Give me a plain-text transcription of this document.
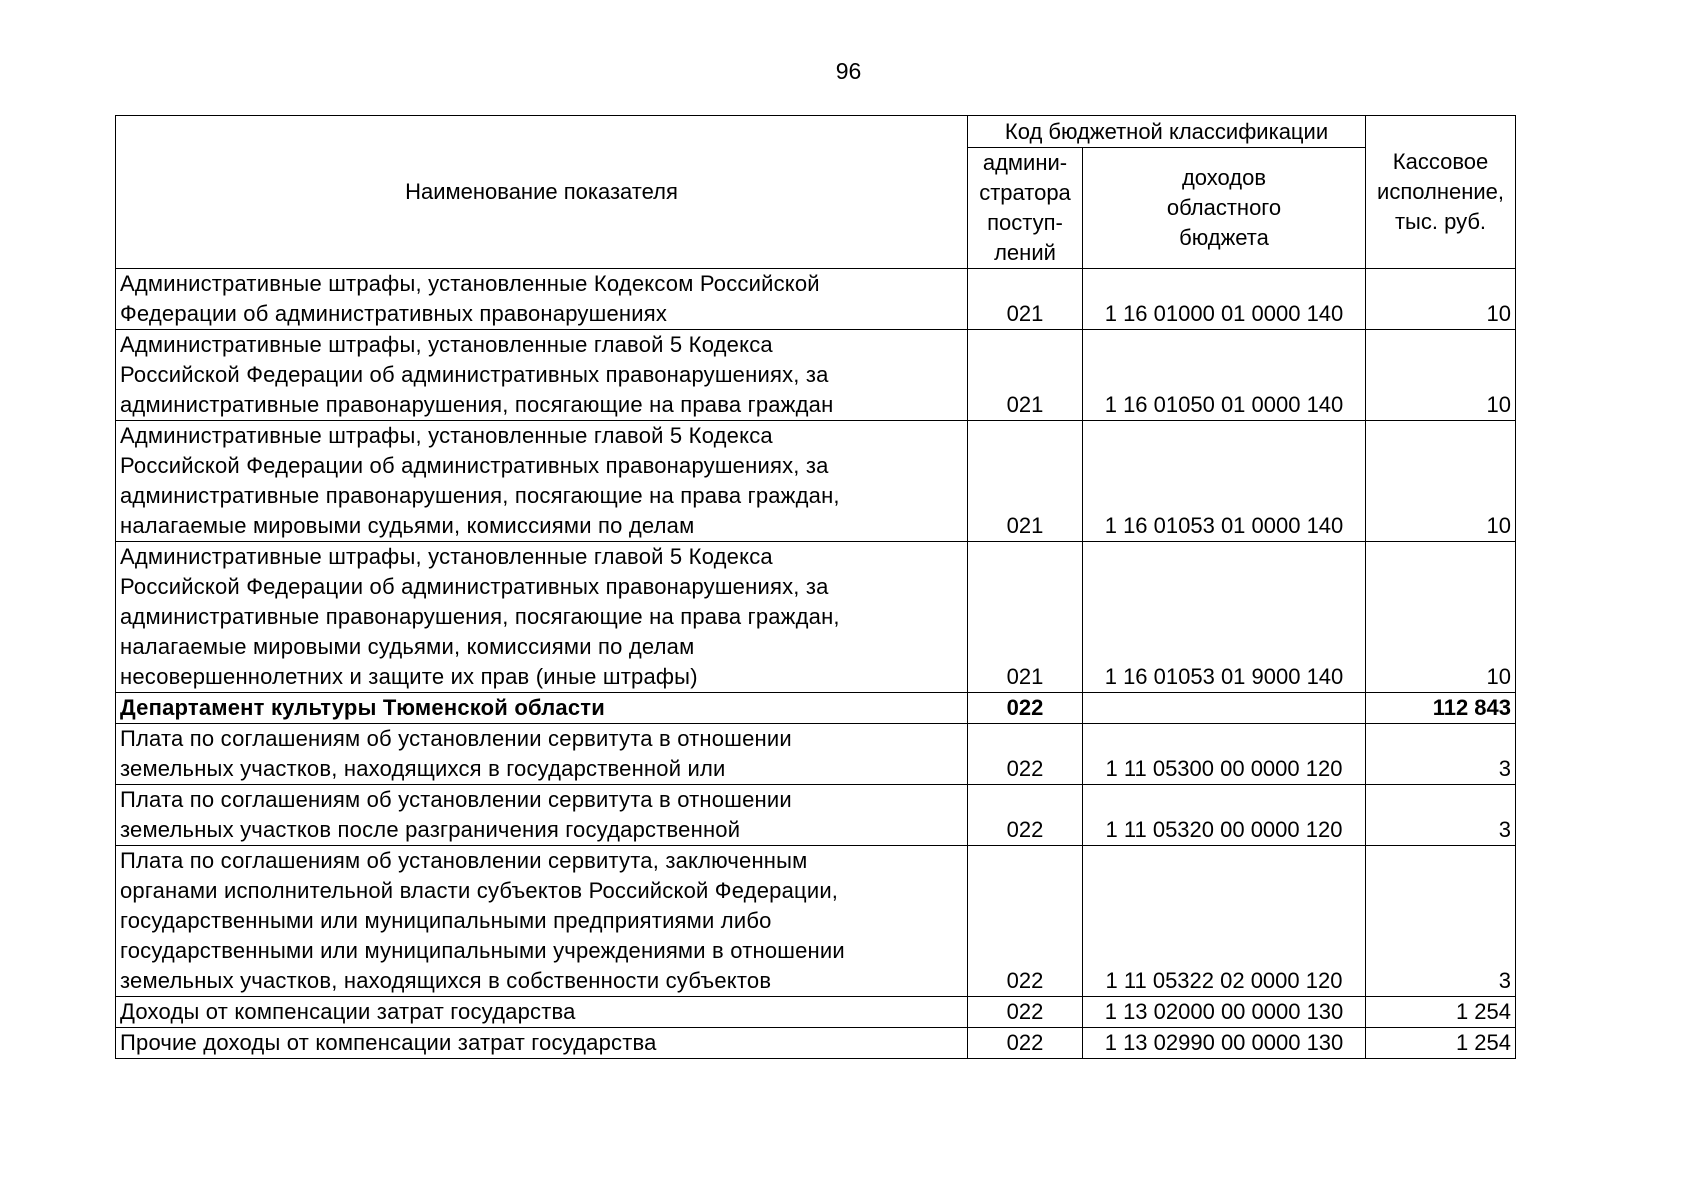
96
Наименование показателя	Код бюджетной классификации		Кассовое
исполнение,
тыс. руб.

	админи-
стратора
поступ-
лений	доходов
областного
бюджета	

Административные штрафы, установленные Кодексом Российской
Федерации об административных правонарушениях	021	1 16 01000 01 0000 140	10

Административные штрафы, установленные главой 5 Кодекса
Российской Федерации об административных правонарушениях, за
административные правонарушения, посягающие на права граждан	021	1 16 01050 01 0000 140	10

Административные штрафы, установленные главой 5 Кодекса
Российской Федерации об административных правонарушениях, за
административные правонарушения, посягающие на права граждан,
налагаемые мировыми судьями, комиссиями по делам	021	1 16 01053 01 0000 140	10

Административные штрафы, установленные главой 5 Кодекса
Российской Федерации об административных правонарушениях, за
административные правонарушения, посягающие на права граждан,
налагаемые мировыми судьями, комиссиями по делам
несовершеннолетних и защите их прав (иные штрафы)	021	1 16 01053 01 9000 140	10

Департамент культуры Тюменской области	022		112 843

Плата по соглашениям об установлении сервитута в отношении
земельных участков, находящихся в государственной или	022	1 11 05300 00 0000 120	3

Плата по соглашениям об установлении сервитута в отношении
земельных участков после разграничения государственной	022	1 11 05320 00 0000 120	3

Плата по соглашениям об установлении сервитута, заключенным
органами исполнительной власти субъектов Российской Федерации,
государственными или муниципальными предприятиями либо
государственными или муниципальными учреждениями в отношении
земельных участков, находящихся в собственности субъектов	022	1 11 05322 02 0000 120	3

Доходы от компенсации затрат государства	022	1 13 02000 00 0000 130	1 254

Прочие доходы от компенсации затрат государства	022	1 13 02990 00 0000 130	1 254
